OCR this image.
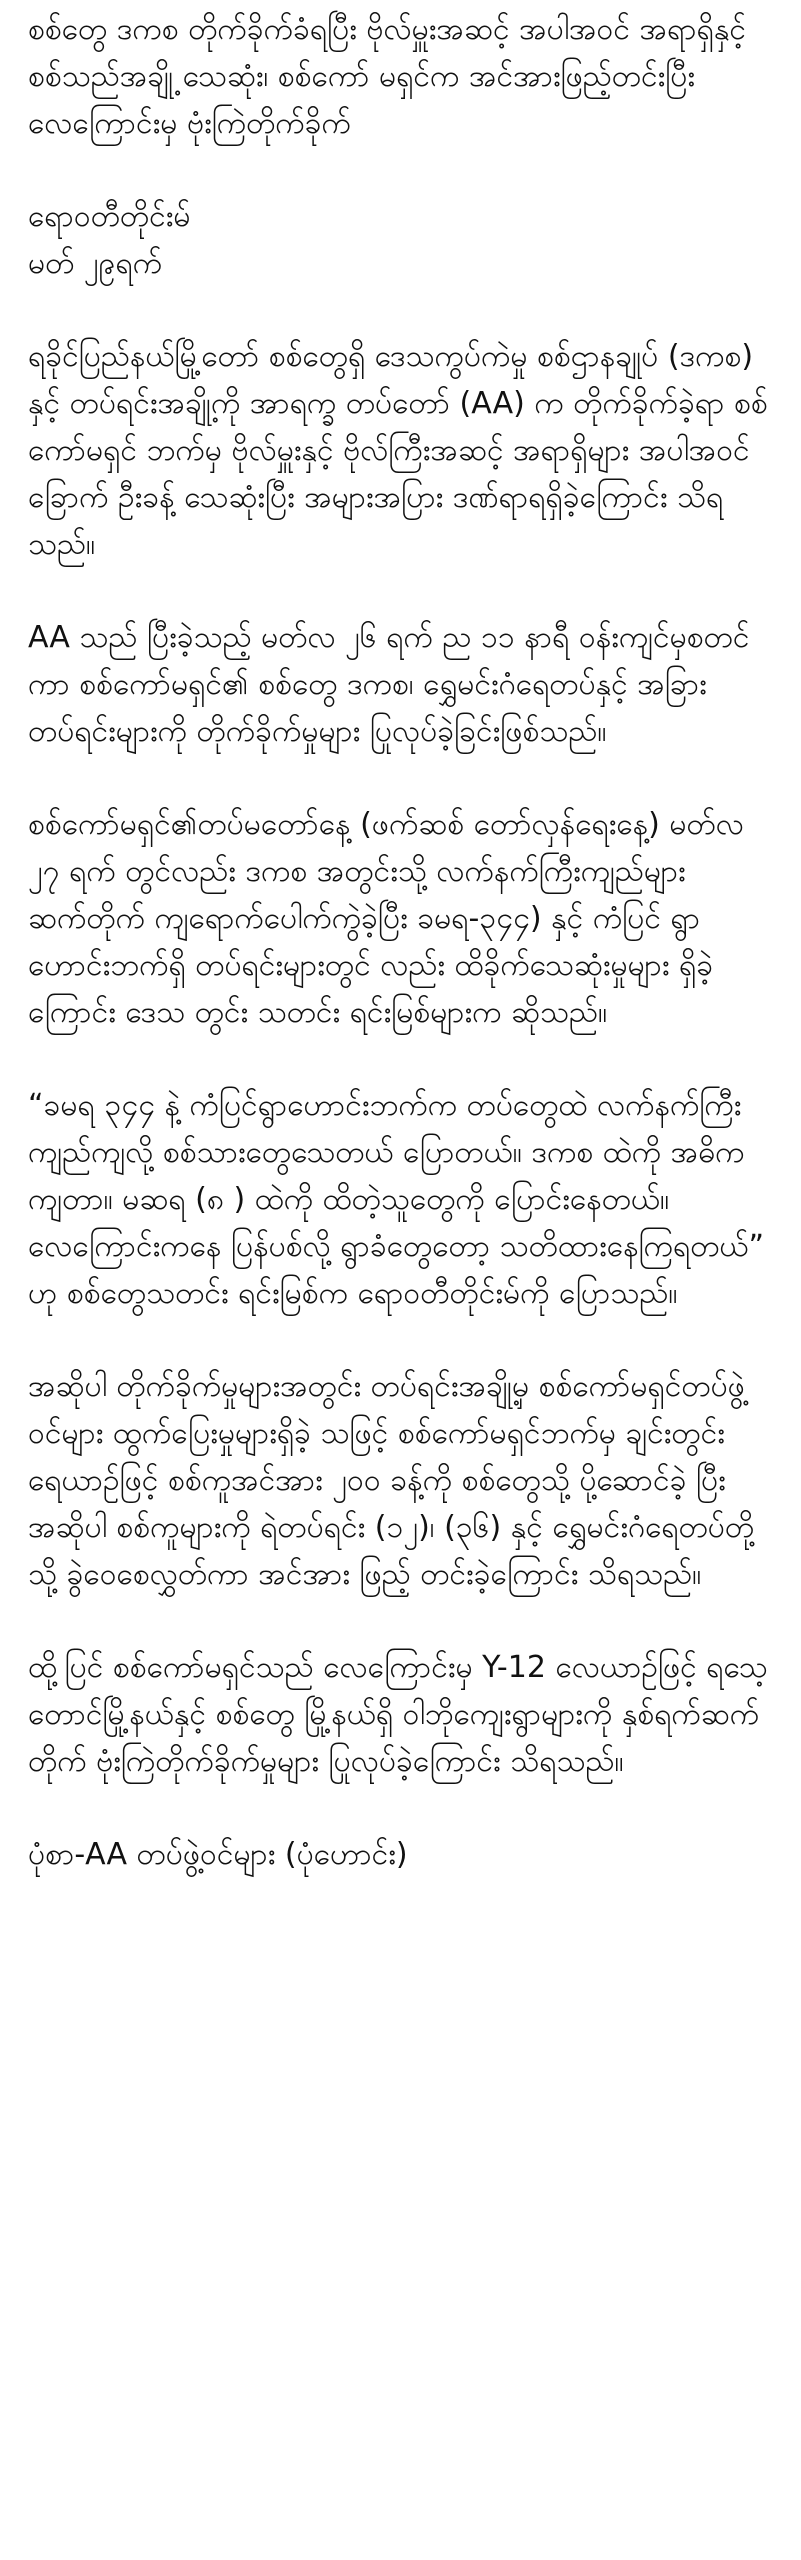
စစ်တွေ ဒကစ တိုက်ခိုက်ခံရပြီး ဗိုလ်မှူးအဆင့် အပါအဝင် အရာရှိနှင့် စစ်သည်အချို့ သေဆုံး၊ စစ်ကော် မရှင်က အင်အားဖြည့်တင်းပြီး လေကြောင်းမှ ဗုံးကြဲတိုက်ခိုက်
ရောဝတီတိုင်းမ်
မတ် ၂၉ရက်
ရခိုင်ပြည်နယ်မြို့တော် စစ်တွေရှိ ဒေသကွပ်ကဲမှု စစ်ဌာနချုပ် (ဒကစ) နှင့် တပ်ရင်းအချို့ကို အာရက္ခ တပ်တော် (AA) က တိုက်ခိုက်ခဲ့ရာ စစ်ကော်မရှင် ဘက်မှ ဗိုလ်မှူးနှင့် ဗိုလ်ကြီးအဆင့် အရာရှိများ အပါအဝင် ခြောက် ဦးခန့် သေဆုံးပြီး အများအပြား ဒဏ်ရာရရှိခဲ့ကြောင်း သိရသည်။
AA သည် ပြီးခဲ့သည့် မတ်လ ၂၆ ရက် ည ၁၁ နာရီ ဝန်းကျင်မှစတင်ကာ စစ်ကော်မရှင်၏ စစ်တွေ ဒကစ၊ ရွှေမင်းဂံရေတပ်နှင့် အခြားတပ်ရင်းများကို တိုက်ခိုက်မှုများ ပြုလုပ်ခဲ့ခြင်းဖြစ်သည်။
စစ်ကော်မရှင်၏တပ်မတော်နေ့ (ဖက်ဆစ် တော်လှန်ရေးနေ့) မတ်လ ၂၇ ရက် တွင်လည်း ဒကစ အတွင်းသို့ လက်နက်ကြီးကျည်များ ဆက်တိုက် ကျရောက်ပေါက်ကွဲခဲ့ပြီး ခမရ-၃၄၄) နှင့် ကံပြင် ရွာဟောင်းဘက်ရှိ တပ်ရင်းများတွင် လည်း ထိခိုက်သေဆုံးမှုများ ရှိခဲ့ကြောင်း ဒေသ တွင်း သတင်း ရင်းမြစ်များက ဆိုသည်။
“ခမရ ၃၄၄ နဲ့ ကံပြင်ရွာဟောင်းဘက်က တပ်တွေထဲ လက်နက်ကြီးကျည်ကျလို့ စစ်သားတွေသေတယ် ပြောတယ်။ ဒကစ ထဲကို အဓိကကျတာ။ မဆရ (၈ ) ထဲကို ထိတဲ့သူတွေကို ပြောင်းနေတယ်။ လေကြောင်းကနေ ပြန်ပစ်လို့ ရွာခံတွေတော့ သတိထားနေကြရတယ်” ဟု စစ်တွေသတင်း ရင်းမြစ်က ရောဝတီတိုင်းမ်ကို ပြောသည်။
အဆိုပါ တိုက်ခိုက်မှုများအတွင်း တပ်ရင်းအချို့မှ စစ်ကော်မရှင်တပ်ဖွဲ့ဝင်များ ထွက်ပြေးမှုများရှိခဲ့ သဖြင့် စစ်ကော်မရှင်ဘက်မှ ချင်းတွင်းရေယာဉ်ဖြင့် စစ်ကူအင်အား ၂၀၀ ခန့်ကို စစ်တွေသို့ ပို့ဆောင်ခဲ့ ပြီး အဆိုပါ စစ်ကူများကို ရဲတပ်ရင်း (၁၂)၊ (၃၆) နှင့် ရွှေမင်းဂံရေတပ်တို့သို့ ခွဲဝေစေလွှတ်ကာ အင်အား ဖြည့် တင်းခဲ့ကြောင်း သိရသည်။
ထို့ပြင် စစ်ကော်မရှင်သည် လေကြောင်းမှ Y-12 လေယာဉ်ဖြင့် ရသေ့တောင်မြို့နယ်နှင့် စစ်တွေ မြို့နယ်ရှိ ဝါဘိုကျေးရွာများကို နှစ်ရက်ဆက်တိုက် ဗုံးကြဲတိုက်ခိုက်မှုများ ပြုလုပ်ခဲ့ကြောင်း သိရသည်။
ပုံစာ-AA တပ်ဖွဲ့ဝင်များ (ပုံဟောင်း)
